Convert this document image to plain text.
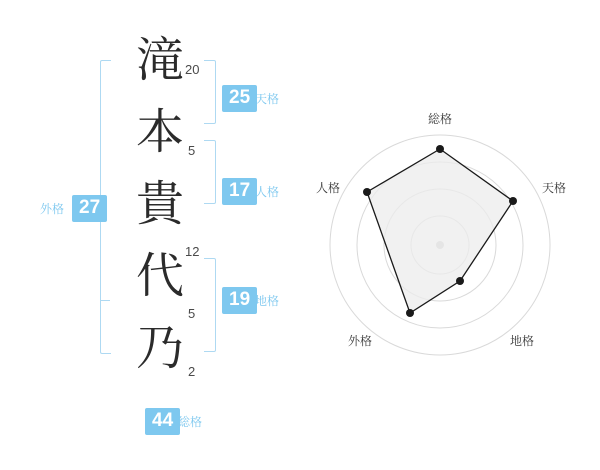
滝
本
貴
代
乃
20
5
12
5
2
25 天格
17 人格
19 地格
27
外格
44 総格
総格
天格
地格
外格
人格
